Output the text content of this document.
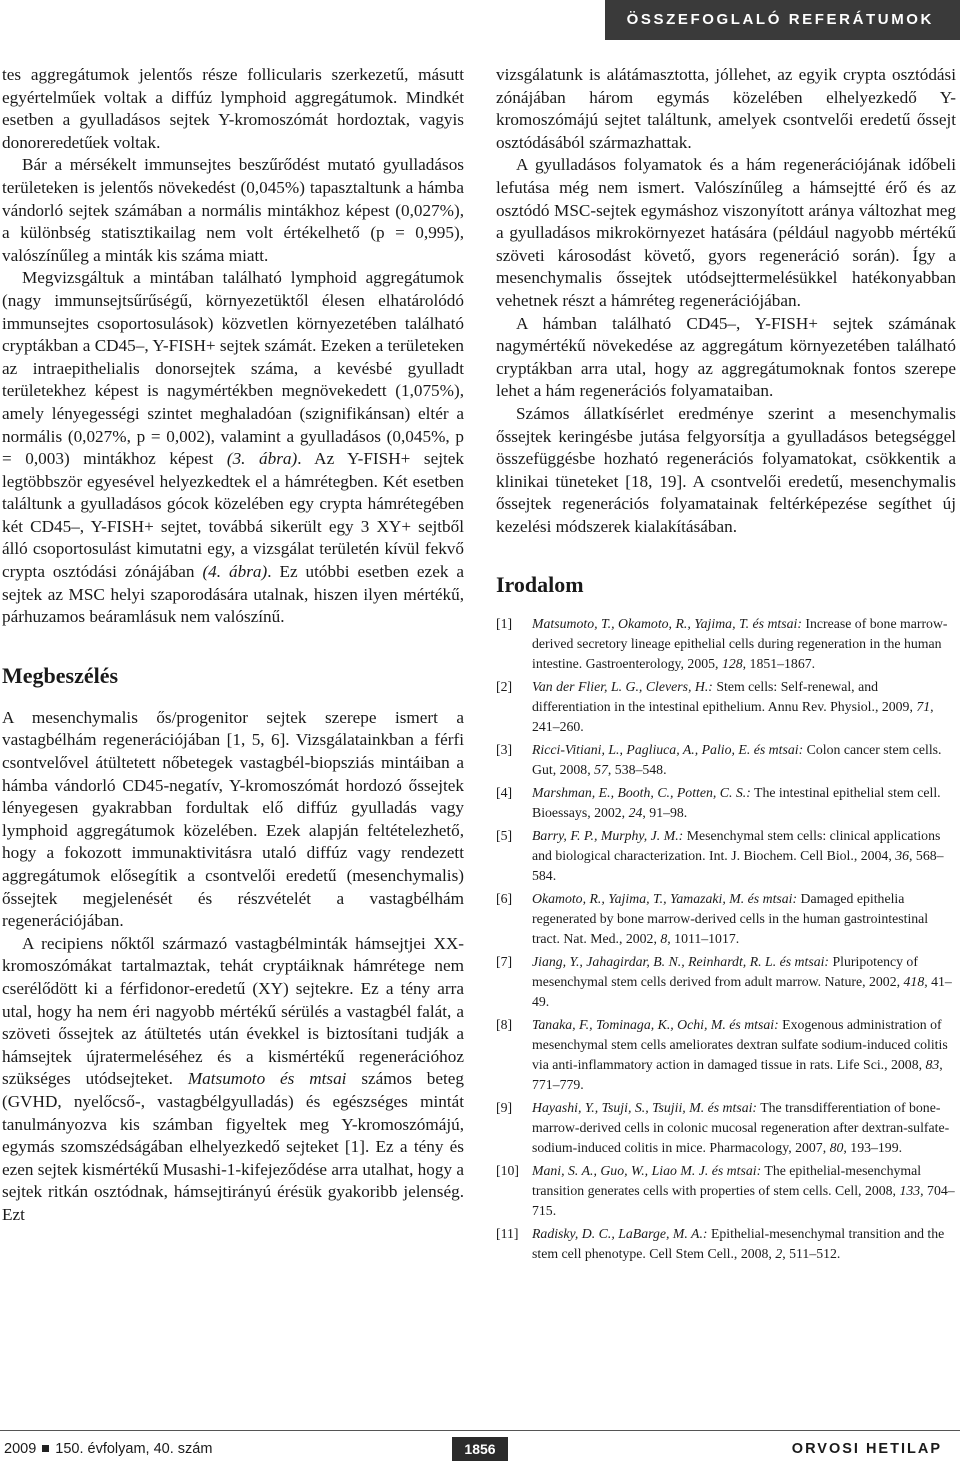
ÖSSZEFOGLALÓ REFERÁTUMOK

tes aggregátumok jelentős része follicularis szerkezetű, másutt egyértelműek voltak a diffúz lymphoid aggregátumok. Mindkét esetben a gyulladásos sejtek Y-kromoszómát hordoztak, vagyis donoreredetűek voltak.

Bár a mérsékelt immunsejtes beszűrődést mutató gyulladásos területeken is jelentős növekedést (0,045%) tapasztaltunk a hámba vándorló sejtek számában a normális mintákhoz képest (0,027%), a különbség statisztikailag nem volt értékelhető (p = 0,995), valószínűleg a minták kis száma miatt.

Megvizsgáltuk a mintában található lymphoid aggregátumok (nagy immunsejtsűrűségű, környezetüktől élesen elhatárolódó immunsejtes csoportosulások) közvetlen környezetében található cryptákban a CD45–, Y-FISH+ sejtek számát. Ezeken a területeken az intraepithelialis donorsejtek száma, a kevésbé gyulladt területekhez képest is nagymértékben megnövekedett (1,075%), amely lényegességi szintet meghaladóan (szignifikánsan) eltér a normális (0,027%, p = 0,002), valamint a gyulladásos (0,045%, p = 0,003) mintákhoz képest (3. ábra). Az Y-FISH+ sejtek legtöbbször egyesével helyezkedtek el a hámrétegben. Két esetben találtunk a gyulladásos gócok közelében egy crypta hámrétegében két CD45–, Y-FISH+ sejtet, továbbá sikerült egy 3 XY+ sejtből álló csoportosulást kimutatni egy, a vizsgálat területén kívül fekvő crypta osztódási zónájában (4. ábra). Ez utóbbi esetben ezek a sejtek az MSC helyi szaporodására utalnak, hiszen ilyen mértékű, párhuzamos beáramlásuk nem valószínű.

Megbeszélés

A mesenchymalis ős/progenitor sejtek szerepe ismert a vastagbélhám regenerációjában [1, 5, 6]. Vizsgálatainkban a férfi csontvelővel átültetett nőbetegek vastagbél-biopsziás mintáiban a hámba vándorló CD45-negatív, Y-kromoszómát hordozó őssejtek lényegesen gyakrabban fordultak elő diffúz gyulladás vagy lymphoid aggregátumok közelében. Ezek alapján feltételezhető, hogy a fokozott immunaktivitásra utaló diffúz vagy rendezett aggregátumok elősegítik a csontvelői eredetű (mesenchymalis) őssejtek megjelenését és részvételét a vastagbélhám regenerációjában.

A recipiens nőktől származó vastagbélminták hámsejtjei XX-kromoszómákat tartalmaztak, tehát cryptáiknak hámrétege nem cserélődött ki a férfidonor-eredetű (XY) sejtekre. Ez a tény arra utal, hogy ha nem éri nagyobb mértékű sérülés a vastagbél falát, a szöveti őssejtek az átültetés után évekkel is biztosítani tudják a hámsejtek újratermeléséhez és a kismértékű regenerációhoz szükséges utódsejteket. Matsumoto és mtsai számos beteg (GVHD, nyelőcső-, vastagbélgyulladás) és egészséges mintát tanulmányozva kis számban figyeltek meg Y-kromoszómájú, egymás szomszédságában elhelyezkedő sejteket [1]. Ez a tény és ezen sejtek kismértékű Musashi-1-kifejeződése arra utalhat, hogy a sejtek ritkán osztódnak, hámsejtirányú érésük gyakoribb jelenség. Ezt

vizsgálatunk is alátámasztotta, jóllehet, az egyik crypta osztódási zónájában három egymás közelében elhelyezkedő Y-kromoszómájú sejtet találtunk, amelyek csontvelői eredetű őssejt osztódásából származhattak.

A gyulladásos folyamatok és a hám regenerációjának időbeli lefutása még nem ismert. Valószínűleg a hámsejtté érő és az osztódó MSC-sejtek egymáshoz viszonyított aránya változhat meg a gyulladásos mikrokörnyezet hatására (például nagyobb mértékű szöveti károsodást követő, gyors regeneráció során). Így a mesenchymalis őssejtek utódsejttermelésükkel hatékonyabban vehetnek részt a hámréteg regenerációjában.

A hámban található CD45–, Y-FISH+ sejtek számának nagymértékű növekedése az aggregátum környezetében található cryptákban arra utal, hogy az aggregátumoknak fontos szerepe lehet a hám regenerációs folyamataiban.

Számos állatkísérlet eredménye szerint a mesenchymalis őssejtek keringésbe jutása felgyorsítja a gyulladásos betegséggel összefüggésbe hozható regenerációs folyamatokat, csökkentik a klinikai tüneteket [18, 19]. A csontvelői eredetű, mesenchymalis őssejtek regenerációs folyamatainak feltérképezése segíthet új kezelési módszerek kialakításában.

Irodalom
[1]	Matsumoto, T., Okamoto, R., Yajima, T. és mtsai: Increase of bone marrow-derived secretory lineage epithelial cells during regeneration in the human intestine. Gastroenterology, 2005, 128, 1851–1867.
[2]	Van der Flier, L. G., Clevers, H.: Stem cells: Self-renewal, and differentiation in the intestinal epithelium. Annu Rev. Physiol., 2009, 71, 241–260.
[3]	Ricci-Vitiani, L., Pagliuca, A., Palio, E. és mtsai: Colon cancer stem cells. Gut, 2008, 57, 538–548.
[4]	Marshman, E., Booth, C., Potten, C. S.: The intestinal epithelial stem cell. Bioessays, 2002, 24, 91–98.
[5]	Barry, F. P., Murphy, J. M.: Mesenchymal stem cells: clinical applications and biological characterization. Int. J. Biochem. Cell Biol., 2004, 36, 568–584.
[6]	Okamoto, R., Yajima, T., Yamazaki, M. és mtsai: Damaged epithelia regenerated by bone marrow-derived cells in the human gastrointestinal tract. Nat. Med., 2002, 8, 1011–1017.
[7]	Jiang, Y., Jahagirdar, B. N., Reinhardt, R. L. és mtsai: Pluripotency of mesenchymal stem cells derived from adult marrow. Nature, 2002, 418, 41–49.
[8]	Tanaka, F., Tominaga, K., Ochi, M. és mtsai: Exogenous administration of mesenchymal stem cells ameliorates dextran sulfate sodium-induced colitis via anti-inflammatory action in damaged tissue in rats. Life Sci., 2008, 83, 771–779.
[9]	Hayashi, Y., Tsuji, S., Tsujii, M. és mtsai: The transdifferentiation of bone-marrow-derived cells in colonic mucosal regeneration after dextran-sulfate-sodium-induced colitis in mice. Pharmacology, 2007, 80, 193–199.
[10] Mani, S. A., Guo, W., Liao M. J. és mtsai: The epithelial-mesenchymal transition generates cells with properties of stem cells. Cell, 2008, 133, 704–715.
[11] Radisky, D. C., LaBarge, M. A.: Epithelial-mesenchymal transition and the stem cell phenotype. Cell Stem Cell., 2008, 2, 511–512.
2009 150. évfolyam, 40. szám	1856	ORVOSI HETILAP
